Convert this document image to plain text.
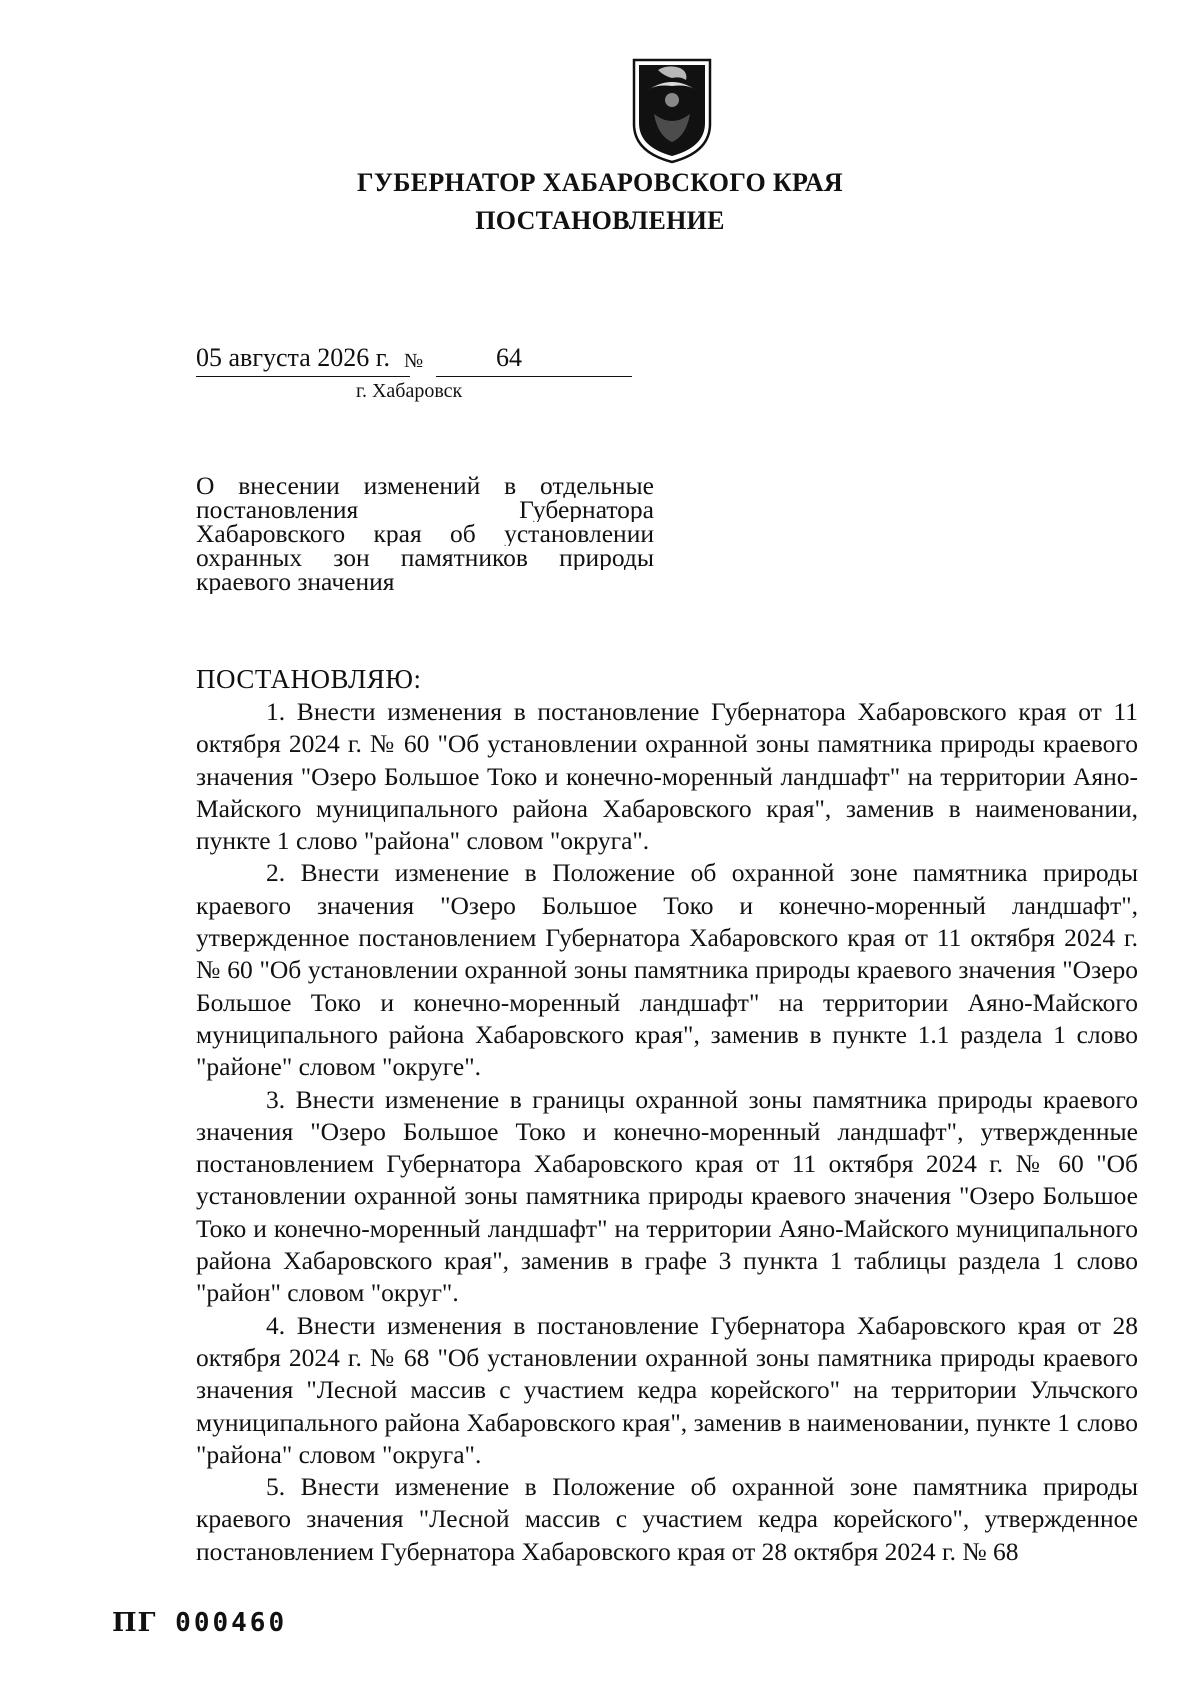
ГУБЕРНАТОР ХАБАРОВСКОГО КРАЯ
ПОСТАНОВЛЕНИЕ
05 августа 2026 г. №	64
г. Хабаровск
О внесении изменений в отдельные
постановления Губернатора
Хабаровского края об установлении
охранных зон памятников природы
краевого значения
ПОСТАНОВЛЯЮ:

1. Внести изменения в постановление Губернатора Хабаровского края от 11 октября 2024 г. № 60 "Об установлении охранной зоны памятника природы краевого значения "Озеро Большое Токо и конечно-моренный ландшафт" на территории Аяно-Майского муниципального района Хабаровского края", заменив в наименовании, пункте 1 слово "района" словом "округа".

2. Внести изменение в Положение об охранной зоне памятника природы краевого значения "Озеро Большое Токо и конечно-моренный ландшафт", утвержденное постановлением Губернатора Хабаровского края от 11 октября 2024 г. № 60 "Об установлении охранной зоны памятника природы краевого значения "Озеро Большое Токо и конечно-моренный ландшафт" на территории Аяно-Майского муниципального района Хабаровского края", заменив в пункте 1.1 раздела 1 слово "районе" словом "округе".

3. Внести изменение в границы охранной зоны памятника природы краевого значения "Озеро Большое Токо и конечно-моренный ландшафт", утвержденные постановлением Губернатора Хабаровского края от 11 октября 2024 г. № 60 "Об установлении охранной зоны памятника природы краевого значения "Озеро Большое Токо и конечно-моренный ландшафт" на территории Аяно-Майского муниципального района Хабаровского края", заменив в графе 3 пункта 1 таблицы раздела 1 слово "район" словом "округ".

4. Внести изменения в постановление Губернатора Хабаровского края от 28 октября 2024 г. № 68 "Об установлении охранной зоны памятника природы краевого значения "Лесной массив с участием кедра корейского" на территории Ульчского муниципального района Хабаровского края", заменив в наименовании, пункте 1 слово "района" словом "округа".

5. Внести изменение в Положение об охранной зоне памятника природы краевого значения "Лесной массив с участием кедра корейского", утвержденное постановлением Губернатора Хабаровского края от 28 октября 2024 г. № 68

ПГ 000460
